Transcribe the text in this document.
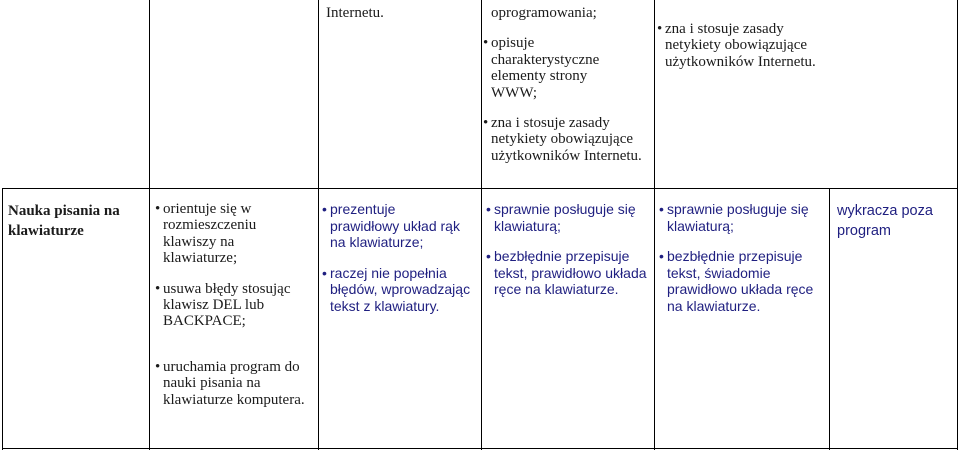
Internetu.	oprogramowania;
• opisuje charakterystyczne elementy strony WWW;
• zna i stosuje zasady netykiety obowiązujące użytkowników Internetu.
• zna i stosuje zasady netykiety obowiązujące użytkowników Internetu.
Nauka pisania na klawiaturze
• orientuje się w rozmieszczeniu klawiszy na klawiaturze;
• usuwa błędy stosując klawisz DEL lub BACKPACE;
• uruchamia program do nauki pisania na klawiaturze komputera.
• prezentuje prawidłowy układ rąk na klawiaturze;
• raczej nie popełnia błędów, wprowadzając tekst z klawiatury.
• sprawnie posługuje się klawiaturą;
• bezbłędnie przepisuje tekst, prawidłowo układa ręce na klawiaturze.
• sprawnie posługuje się klawiaturą;
• bezbłędnie przepisuje tekst, świadomie prawidłowo układa ręce na klawiaturze.
wykracza poza program
